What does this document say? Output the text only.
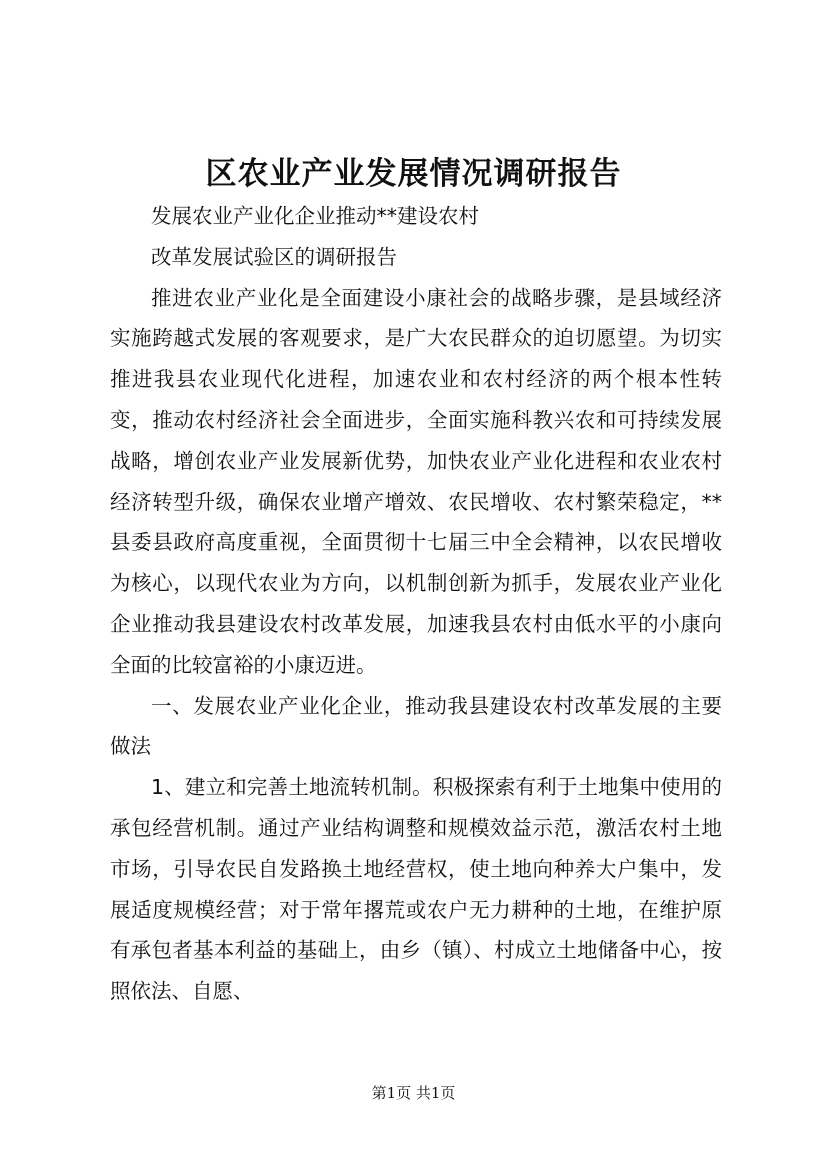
区农业产业发展情况调研报告

发展农业产业化企业推动**建设农村

改革发展试验区的调研报告

推进农业产业化是全面建设小康社会的战略步骤，是县域经济实施跨越式发展的客观要求，是广大农民群众的迫切愿望。为切实推进我县农业现代化进程，加速农业和农村经济的两个根本性转变，推动农村经济社会全面进步，全面实施科教兴农和可持续发展战略，增创农业产业发展新优势，加快农业产业化进程和农业农村经济转型升级，确保农业增产增效、农民增收、农村繁荣稳定，**县委县政府高度重视，全面贯彻十七届三中全会精神，以农民增收为核心，以现代农业为方向，以机制创新为抓手，发展农业产业化企业推动我县建设农村改革发展，加速我县农村由低水平的小康向全面的比较富裕的小康迈进。

一、发展农业产业化企业，推动我县建设农村改革发展的主要做法

1、建立和完善土地流转机制。积极探索有利于土地集中使用的承包经营机制。通过产业结构调整和规模效益示范，激活农村土地市场，引导农民自发路换土地经营权，使土地向种养大户集中，发展适度规模经营；对于常年撂荒或农户无力耕种的土地，在维护原有承包者基本利益的基础上，由乡（镇）、村成立土地储备中心，按照依法、自愿、

第1页 共1页
